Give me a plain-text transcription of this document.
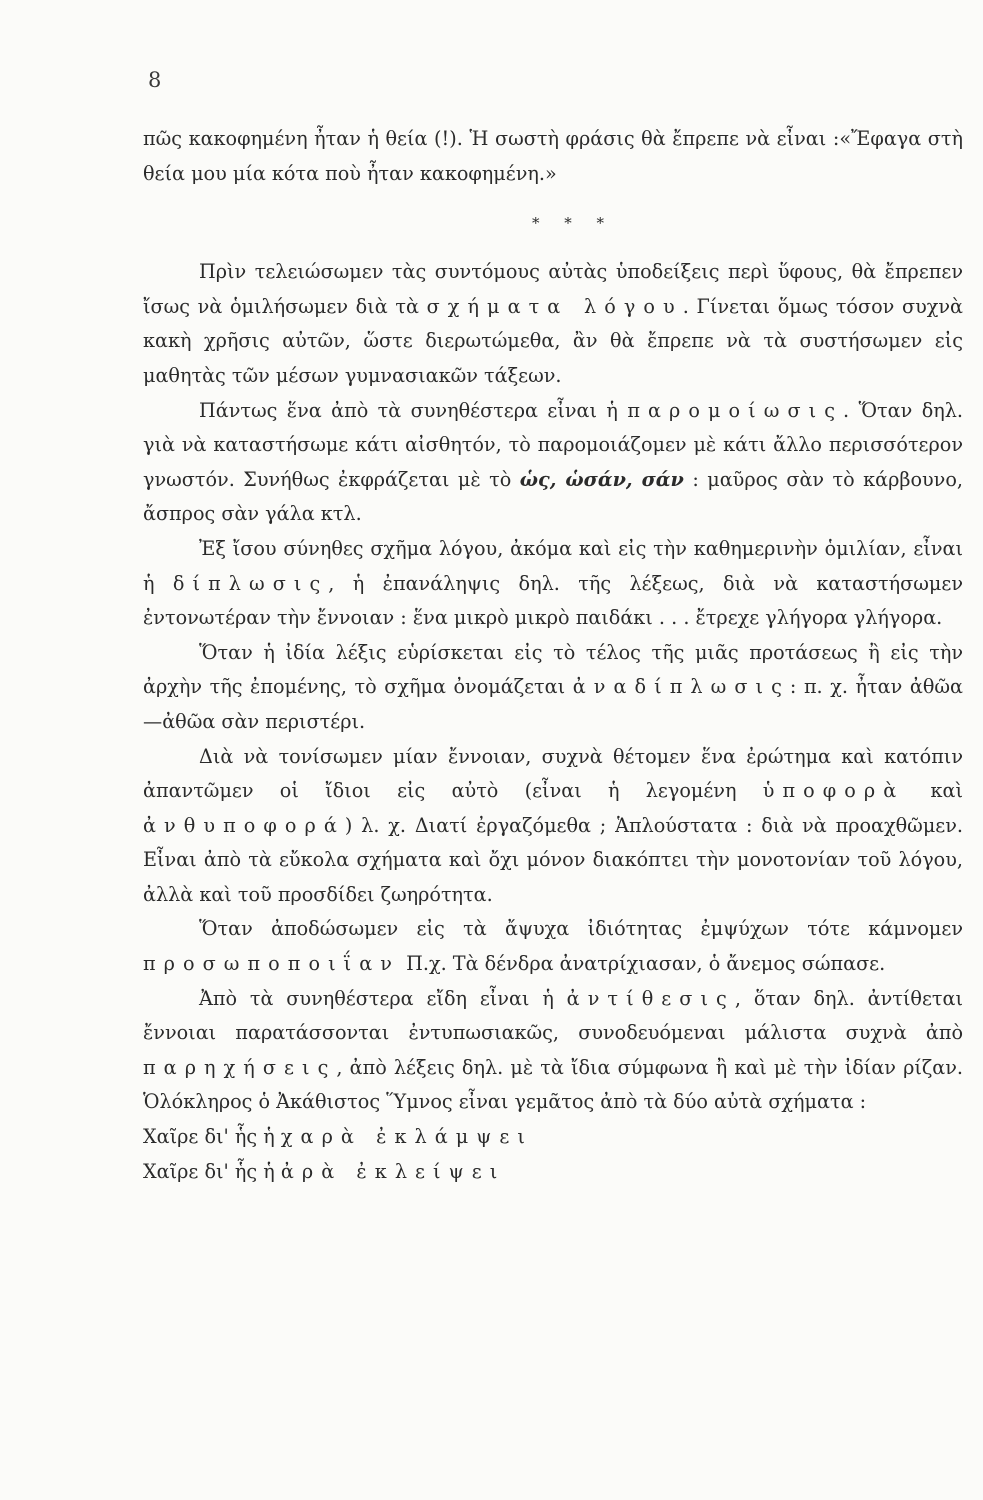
8

πῶς κακοφημένη ἦταν ἡ θεία (!). Ἡ σωστὴ φράσις θὰ ἔπρεπε νὰ εἶναι :«Ἔφαγα στὴ θεία μου μία κότα ποὺ ἦταν κακοφημένη.»

* * *

Πρὶν τελειώσωμεν τὰς συντόμους αὐτὰς ὑποδείξεις περὶ ὕφους, θὰ ἔπρεπεν ἴσως νὰ ὁμιλήσωμεν διὰ τὰ σχήματα λόγου. Γίνεται ὅμως τόσον συχνὰ κακὴ χρῆσις αὐτῶν, ὥστε διερωτώμεθα, ἂν θὰ ἔπρεπε νὰ τὰ συστήσωμεν εἰς μαθητὰς τῶν μέσων γυμνασιακῶν τάξεων.

Πάντως ἕνα ἀπὸ τὰ συνηθέστερα εἶναι ἡ παρομοίωσις. Ὅταν δηλ. γιὰ νὰ καταστήσωμε κάτι αἰσθητόν, τὸ παρομοιάζομεν μὲ κάτι ἄλλο περισσότερον γνωστόν. Συνήθως ἐκφράζεται μὲ τὸ ὡς, ὡσάν, σάν : μαῦρος σὰν τὸ κάρβουνο, ἄσπρος σὰν γάλα κτλ.

Ἐξ ἴσου σύνηθες σχῆμα λόγου, ἀκόμα καὶ εἰς τὴν καθημερινὴν ὁμιλίαν, εἶναι ἡ δίπλωσις, ἡ ἐπανάληψις δηλ. τῆς λέξεως, διὰ νὰ καταστήσωμεν ἐντονωτέραν τὴν ἔννοιαν : ἕνα μικρὸ μικρὸ παιδάκι . . . ἔτρεχε γλήγορα γλήγορα.

Ὅταν ἡ ἰδία λέξις εὑρίσκεται εἰς τὸ τέλος τῆς μιᾶς προτάσεως ἢ εἰς τὴν ἀρχὴν τῆς ἐπομένης, τὸ σχῆμα ὀνομάζεται ἀναδίπλωσις: π. χ. ἦταν ἀθῶα—ἀθῶα σὰν περιστέρι.

Διὰ νὰ τονίσωμεν μίαν ἔννοιαν, συχνὰ θέτομεν ἕνα ἐρώτημα καὶ κατόπιν ἀπαντῶμεν οἱ ἴδιοι εἰς αὐτὸ (εἶναι ἡ λεγομένη ὑποφορὰ καὶ ἀνθυποφορά) λ. χ. Διατί ἐργαζόμεθα ; Ἁπλούστατα : διὰ νὰ προαχθῶμεν. Εἶναι ἀπὸ τὰ εὔκολα σχήματα καὶ ὄχι μόνον διακόπτει τὴν μονοτονίαν τοῦ λόγου, ἀλλὰ καὶ τοῦ προσδίδει ζωηρότητα.

Ὅταν ἀποδώσωμεν εἰς τὰ ἄψυχα ἰδιότητας ἐμψύχων τότε κάμνομεν προσωποποιΐαν Π.χ. Τὰ δένδρα ἀνατρίχιασαν, ὁ ἄνεμος σώπασε.

Ἀπὸ τὰ συνηθέστερα εἴδη εἶναι ἡ ἀντίθεσις, ὅταν δηλ. ἀντίθεται ἔννοιαι παρατάσσονται ἐντυπωσιακῶς, συνοδευόμεναι μάλιστα συχνὰ ἀπὸ παρηχήσεις, ἀπὸ λέξεις δηλ. μὲ τὰ ἴδια σύμφωνα ἢ καὶ μὲ τὴν ἰδίαν ρίζαν. Ὁλόκληρος ὁ Ἀκάθιστος Ὕμνος εἶναι γεμᾶτος ἀπὸ τὰ δύο αὐτὰ σχήματα :

Χαῖρε δι' ἧς ἡ χαρὰ ἐκλάμψει

Χαῖρε δι' ἧς ἡ ἀρὰ ἐκλείψει
